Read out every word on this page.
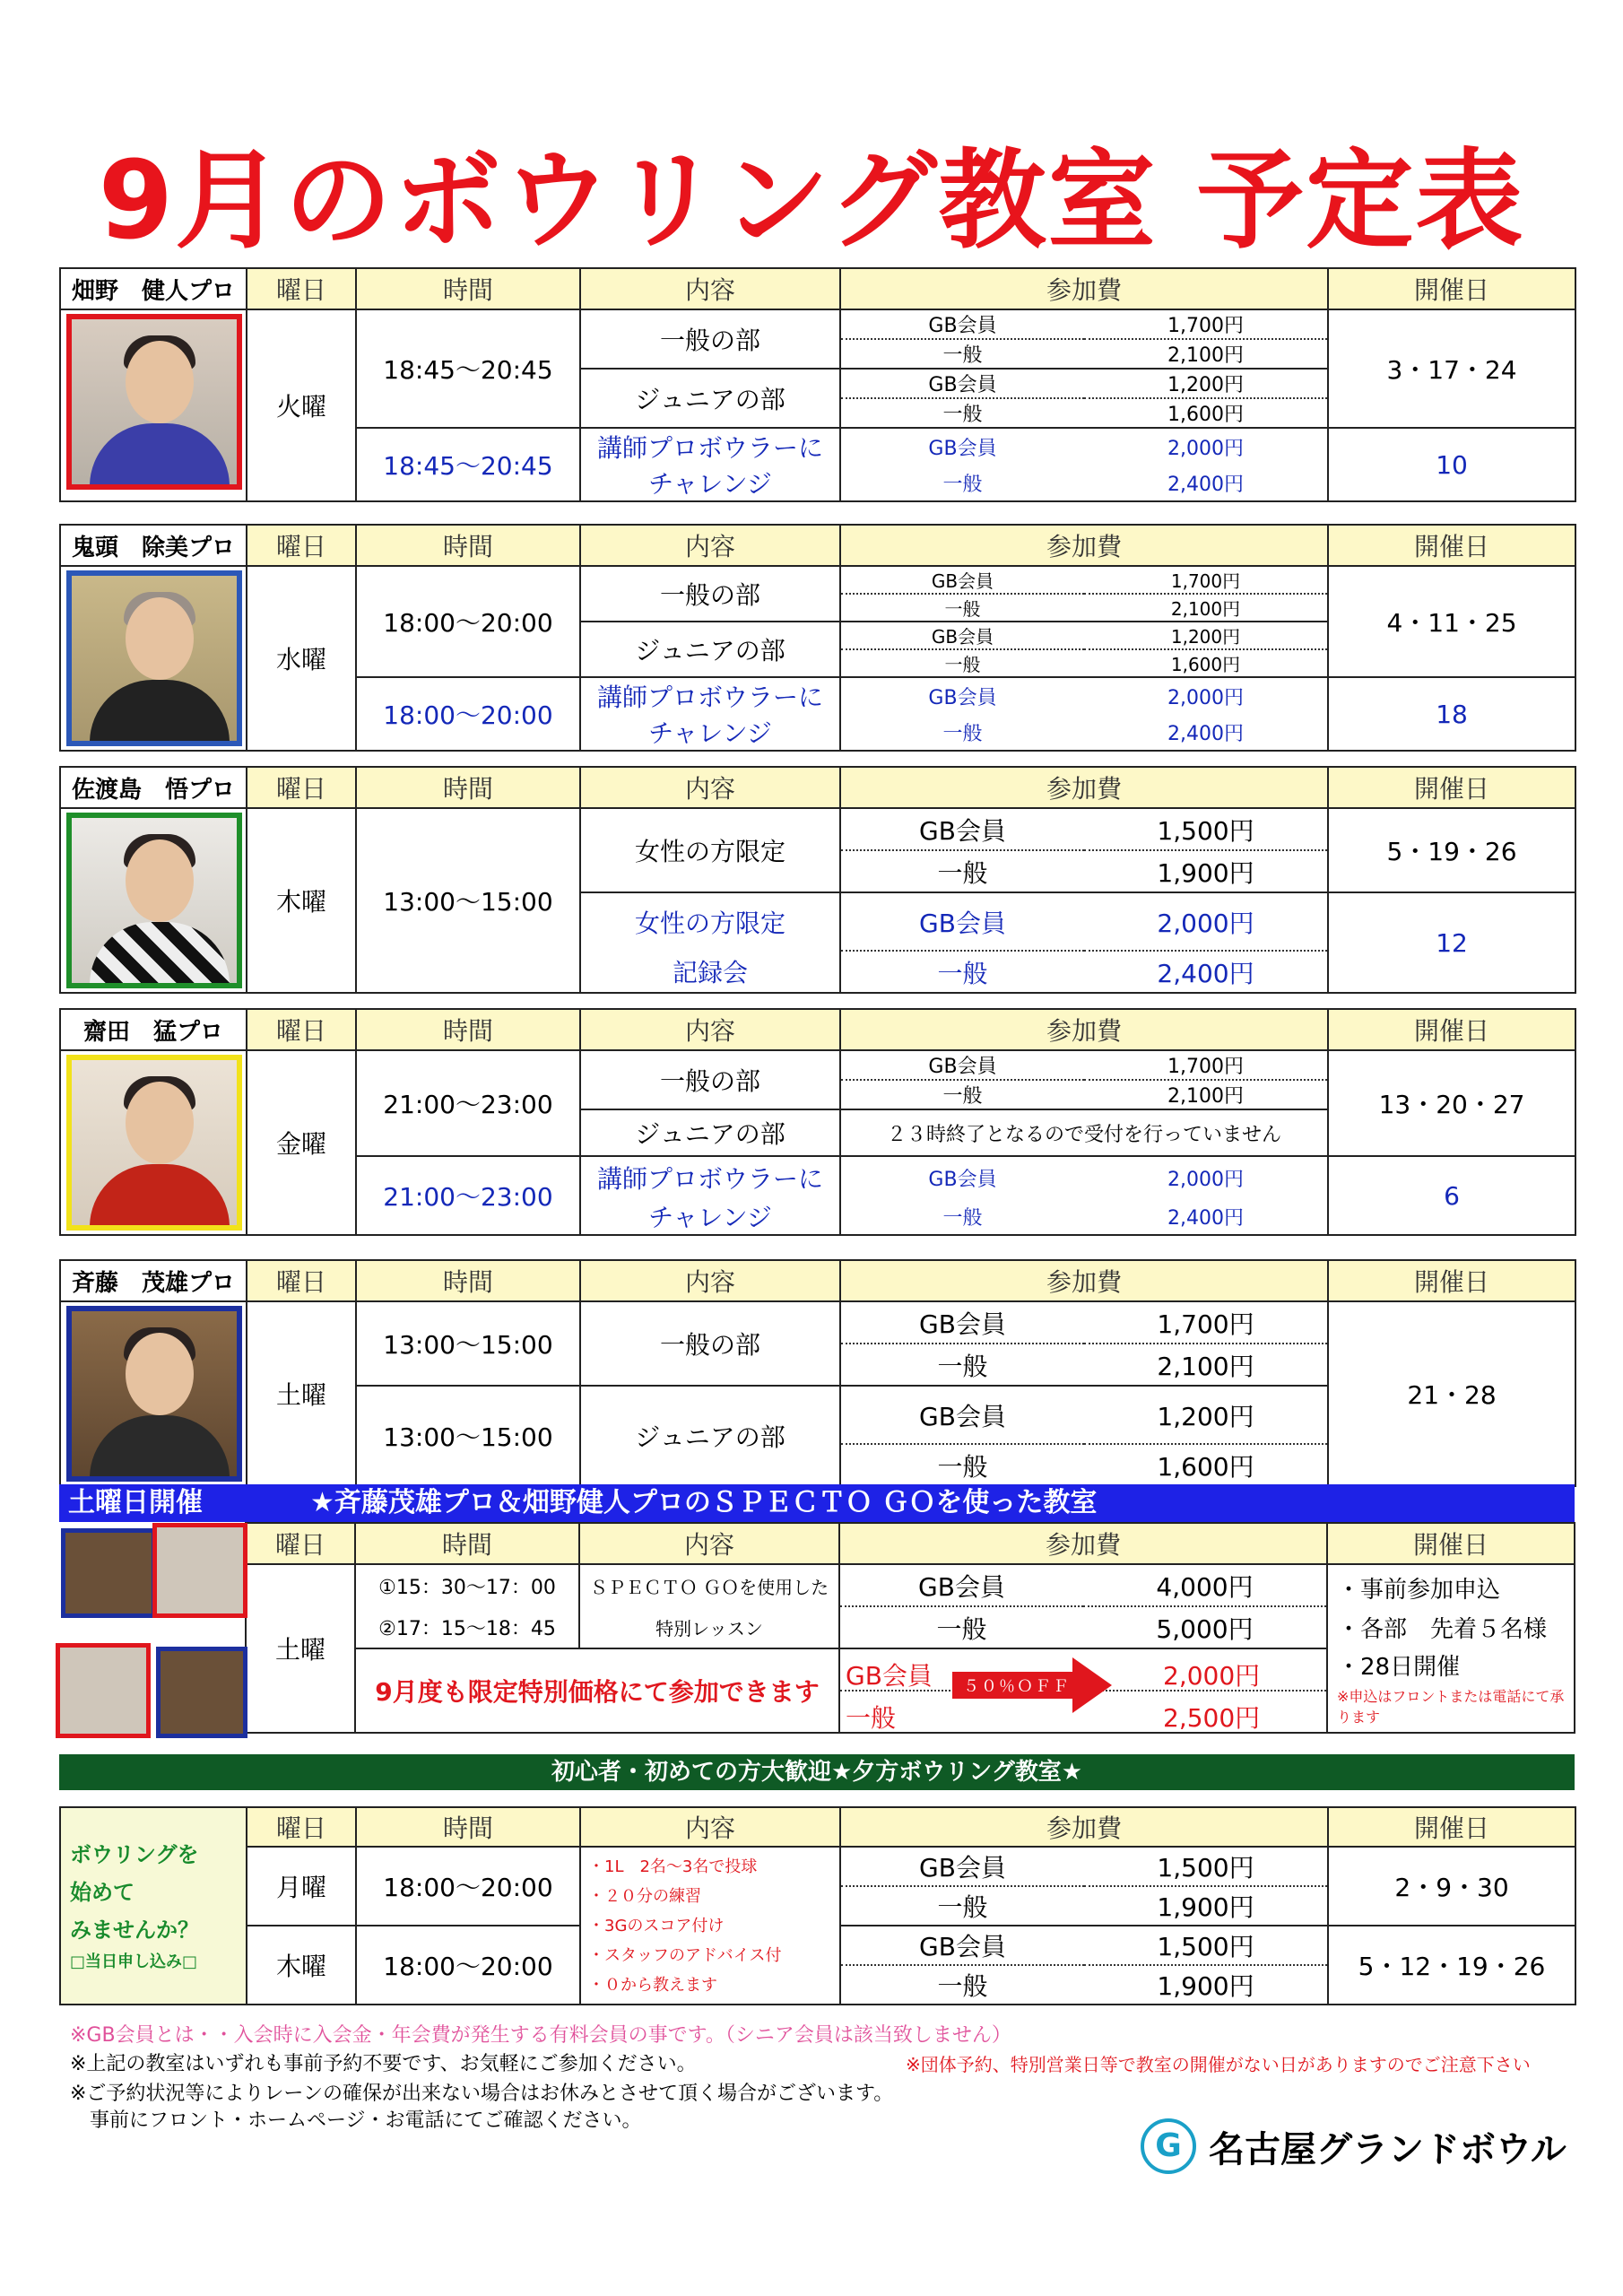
9月のボウリング教室 予定表
畑野　健人プロ	曜日	時間	内容	参加費		開催日

	火曜	18:45～20:45	一般の部	GB会員	1,700円	3・17・24
				一般	2,100円	
			ジュニアの部	GB会員	1,200円	
				一般	1,600円	
		18:45～20:45	講師プロボウラーに	GB会員	2,000円	10
			チャレンジ	一般	2,400円	
鬼頭　除美プロ	曜日	時間	内容	参加費		開催日

	水曜	18:00～20:00	一般の部	GB会員	1,700円	4・11・25
				一般	2,100円	
			ジュニアの部	GB会員	1,200円	
				一般	1,600円	
		18:00～20:00	講師プロボウラーに	GB会員	2,000円	18
			チャレンジ	一般	2,400円	
佐渡島　悟プロ	曜日	時間	内容	参加費		開催日

	木曜	13:00～15:00	女性の方限定	GB会員	1,500円	5・19・26
				一般	1,900円	
			女性の方限定	GB会員	2,000円	12
			記録会	一般	2,400円	
齋田　猛プロ	曜日	時間	内容	参加費		開催日

	金曜	21:00～23:00	一般の部	GB会員	1,700円	13・20・27
				一般	2,100円	
			ジュニアの部	２３時終了となるので受付を行っていません		
		21:00～23:00	講師プロボウラーに	GB会員	2,000円	6
			チャレンジ	一般	2,400円	
斉藤　茂雄プロ	曜日	時間	内容	参加費		開催日

	土曜	13:00～15:00	一般の部	GB会員	1,700円	21・28
				一般	2,100円	
		13:00～15:00	ジュニアの部	GB会員	1,200円	
				一般	1,600円	
土曜日開催	★斉藤茂雄プロ＆畑野健人プロのＳＰＥＣＴＯ ＧＯを使った教室
	曜日	時間	内容	参加費		開催日
	土曜	①15：30～17：00	ＳＰＥＣＴＯ ＧＯを使用した	GB会員	4,000円	・事前参加申込
・各部　先着５名様
・28日開催
※申込はフロントまたは電話にて承ります

		②17：15～18：45	特別レッスン	一般	5,000円	
		9月度も限定特別価格にて参加できます		GB会員 2,000円		

				一般 2,500円		
５０％ＯＦＦ
初心者・初めての方大歓迎★夕方ボウリング教室★
ボウリングを
始めて
みませんか？
□当日申し込み□	曜日	時間	内容	参加費		開催日
	月曜	18:00～20:00	・1L　2名～3名で投球
・２０分の練習
・3Gのスコア付け
・スタッフのアドバイス付
・０から教えます	GB会員	1,500円	2・9・30
				一般	1,900円	
	木曜	18:00～20:00		GB会員	1,500円	5・12・19・26
				一般	1,900円	
※GB会員とは・・入会時に入会金・年会費が発生する有料会員の事です。（シニア会員は該当致しません）
※上記の教室はいずれも事前予約不要です、お気軽にご参加ください。	※団体予約、特別営業日等で教室の開催がない日がありますのでご注意下さい
※ご予約状況等によりレーンの確保が出来ない場合はお休みとさせて頂く場合がございます。
事前にフロント・ホームページ・お電話にてご確認ください。
G 名古屋グランドボウル
